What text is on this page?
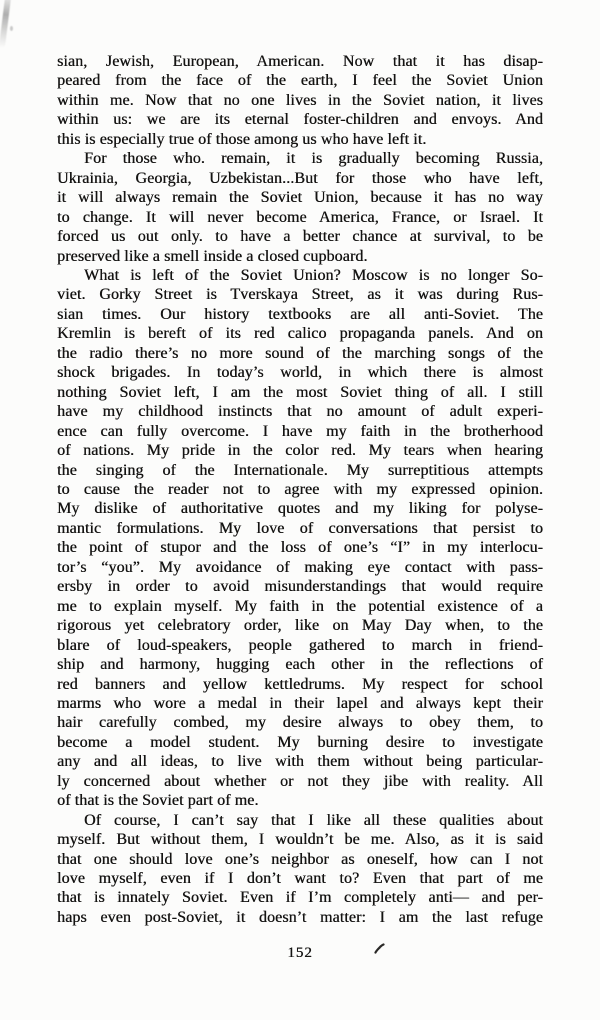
sian, Jewish, European, American. Now that it has disap-
peared from the face of the earth, I feel the Soviet Union
within me. Now that no one lives in the Soviet nation, it lives
within us: we are its eternal foster-children and envoys. And
this is especially true of those among us who have left it.
For those who. remain, it is gradually becoming Russia,
Ukrainia, Georgia, Uzbekistan...But for those who have left,
it will always remain the Soviet Union, because it has no way
to change. It will never become America, France, or Israel. It
forced us out only. to have a better chance at survival, to be
preserved like a smell inside a closed cupboard.
What is left of the Soviet Union? Moscow is no longer So-
viet. Gorky Street is Tverskaya Street, as it was during Rus-
sian times. Our history textbooks are all anti-Soviet. The
Kremlin is bereft of its red calico propaganda panels. And on
the radio there’s no more sound of the marching songs of the
shock brigades. In today’s world, in which there is almost
nothing Soviet left, I am the most Soviet thing of all. I still
have my childhood instincts that no amount of adult experi-
ence can fully overcome. I have my faith in the brotherhood
of nations. My pride in the color red. My tears when hearing
the singing of the Internationale. My surreptitious attempts
to cause the reader not to agree with my expressed opinion.
My dislike of authoritative quotes and my liking for polyse-
mantic formulations. My love of conversations that persist to
the point of stupor and the loss of one’s “I” in my interlocu-
tor’s “you”. My avoidance of making eye contact with pass-
ersby in order to avoid misunderstandings that would require
me to explain myself. My faith in the potential existence of a
rigorous yet celebratory order, like on May Day when, to the
blare of loud-speakers, people gathered to march in friend-
ship and harmony, hugging each other in the reflections of
red banners and yellow kettledrums. My respect for school
marms who wore a medal in their lapel and always kept their
hair carefully combed, my desire always to obey them, to
become a model student. My burning desire to investigate
any and all ideas, to live with them without being particular-
ly concerned about whether or not they jibe with reality. All
of that is the Soviet part of me.
Of course, I can’t say that I like all these qualities about
myself. But without them, I wouldn’t be me. Also, as it is said
that one should love one’s neighbor as oneself, how can I not
love myself, even if I don’t want to? Even that part of me
that is innately Soviet. Even if I’m completely anti— and per-
haps even post-Soviet, it doesn’t matter: I am the last refuge
152
